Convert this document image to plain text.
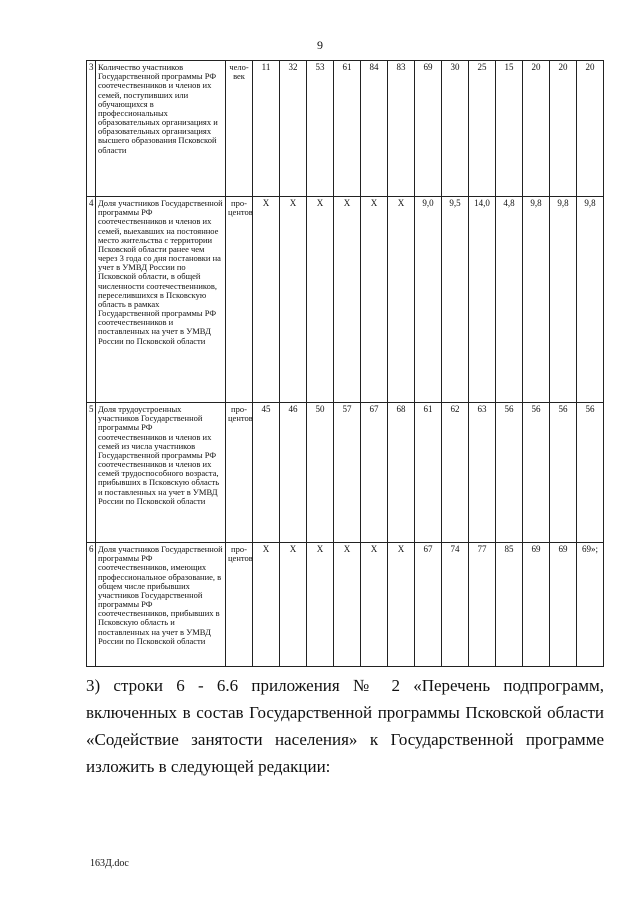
9
3	Количество участников Государственной программы РФ соотечественников и членов их семей, поступивших или обучающихся в профессиональных образовательных организациях и образовательных организациях высшего образования Псковской области	чело-век	11	32	53	61	84	83	69	30	25	15	20	20	20
4	Доля участников Государственной программы РФ соотечественников и членов их семей, выехавших на постоянное место жительства с территории Псковской области ранее чем через 3 года со дня постановки на учет в УМВД России по Псковской области, в общей численности соотечественников, переселившихся в Псковскую область в рамках Государственной программы РФ соотечественников и поставленных на учет в УМВД России по Псковской области	про-центов	X	X	X	X	X	X	9,0	9,5	14,0	4,8	9,8	9,8	9,8
5	Доля трудоустроенных участников Государственной программы РФ соотечественников и членов их семей из числа участников Государственной программы РФ соотечественников и членов их семей трудоспособного возраста, прибывших в Псковскую область и поставленных на учет в УМВД России по Псковской области	про-центов	45	46	50	57	67	68	61	62	63	56	56	56	56
6	Доля участников Государственной программы РФ соотечественников, имеющих профессиональное образование, в общем числе прибывших участников Государственной программы РФ соотечественников, прибывших в Псковскую область и поставленных на учет в УМВД России по Псковской области	про-центов	X	X	X	X	X	X	67	74	77	85	69	69	69»;
3) строки 6 - 6.6 приложения № 2 «Перечень подпрограмм, включенных в состав Государственной программы Псковской области «Содействие занятости населения» к Государственной программе изложить в следующей редакции:
163Д.doc
